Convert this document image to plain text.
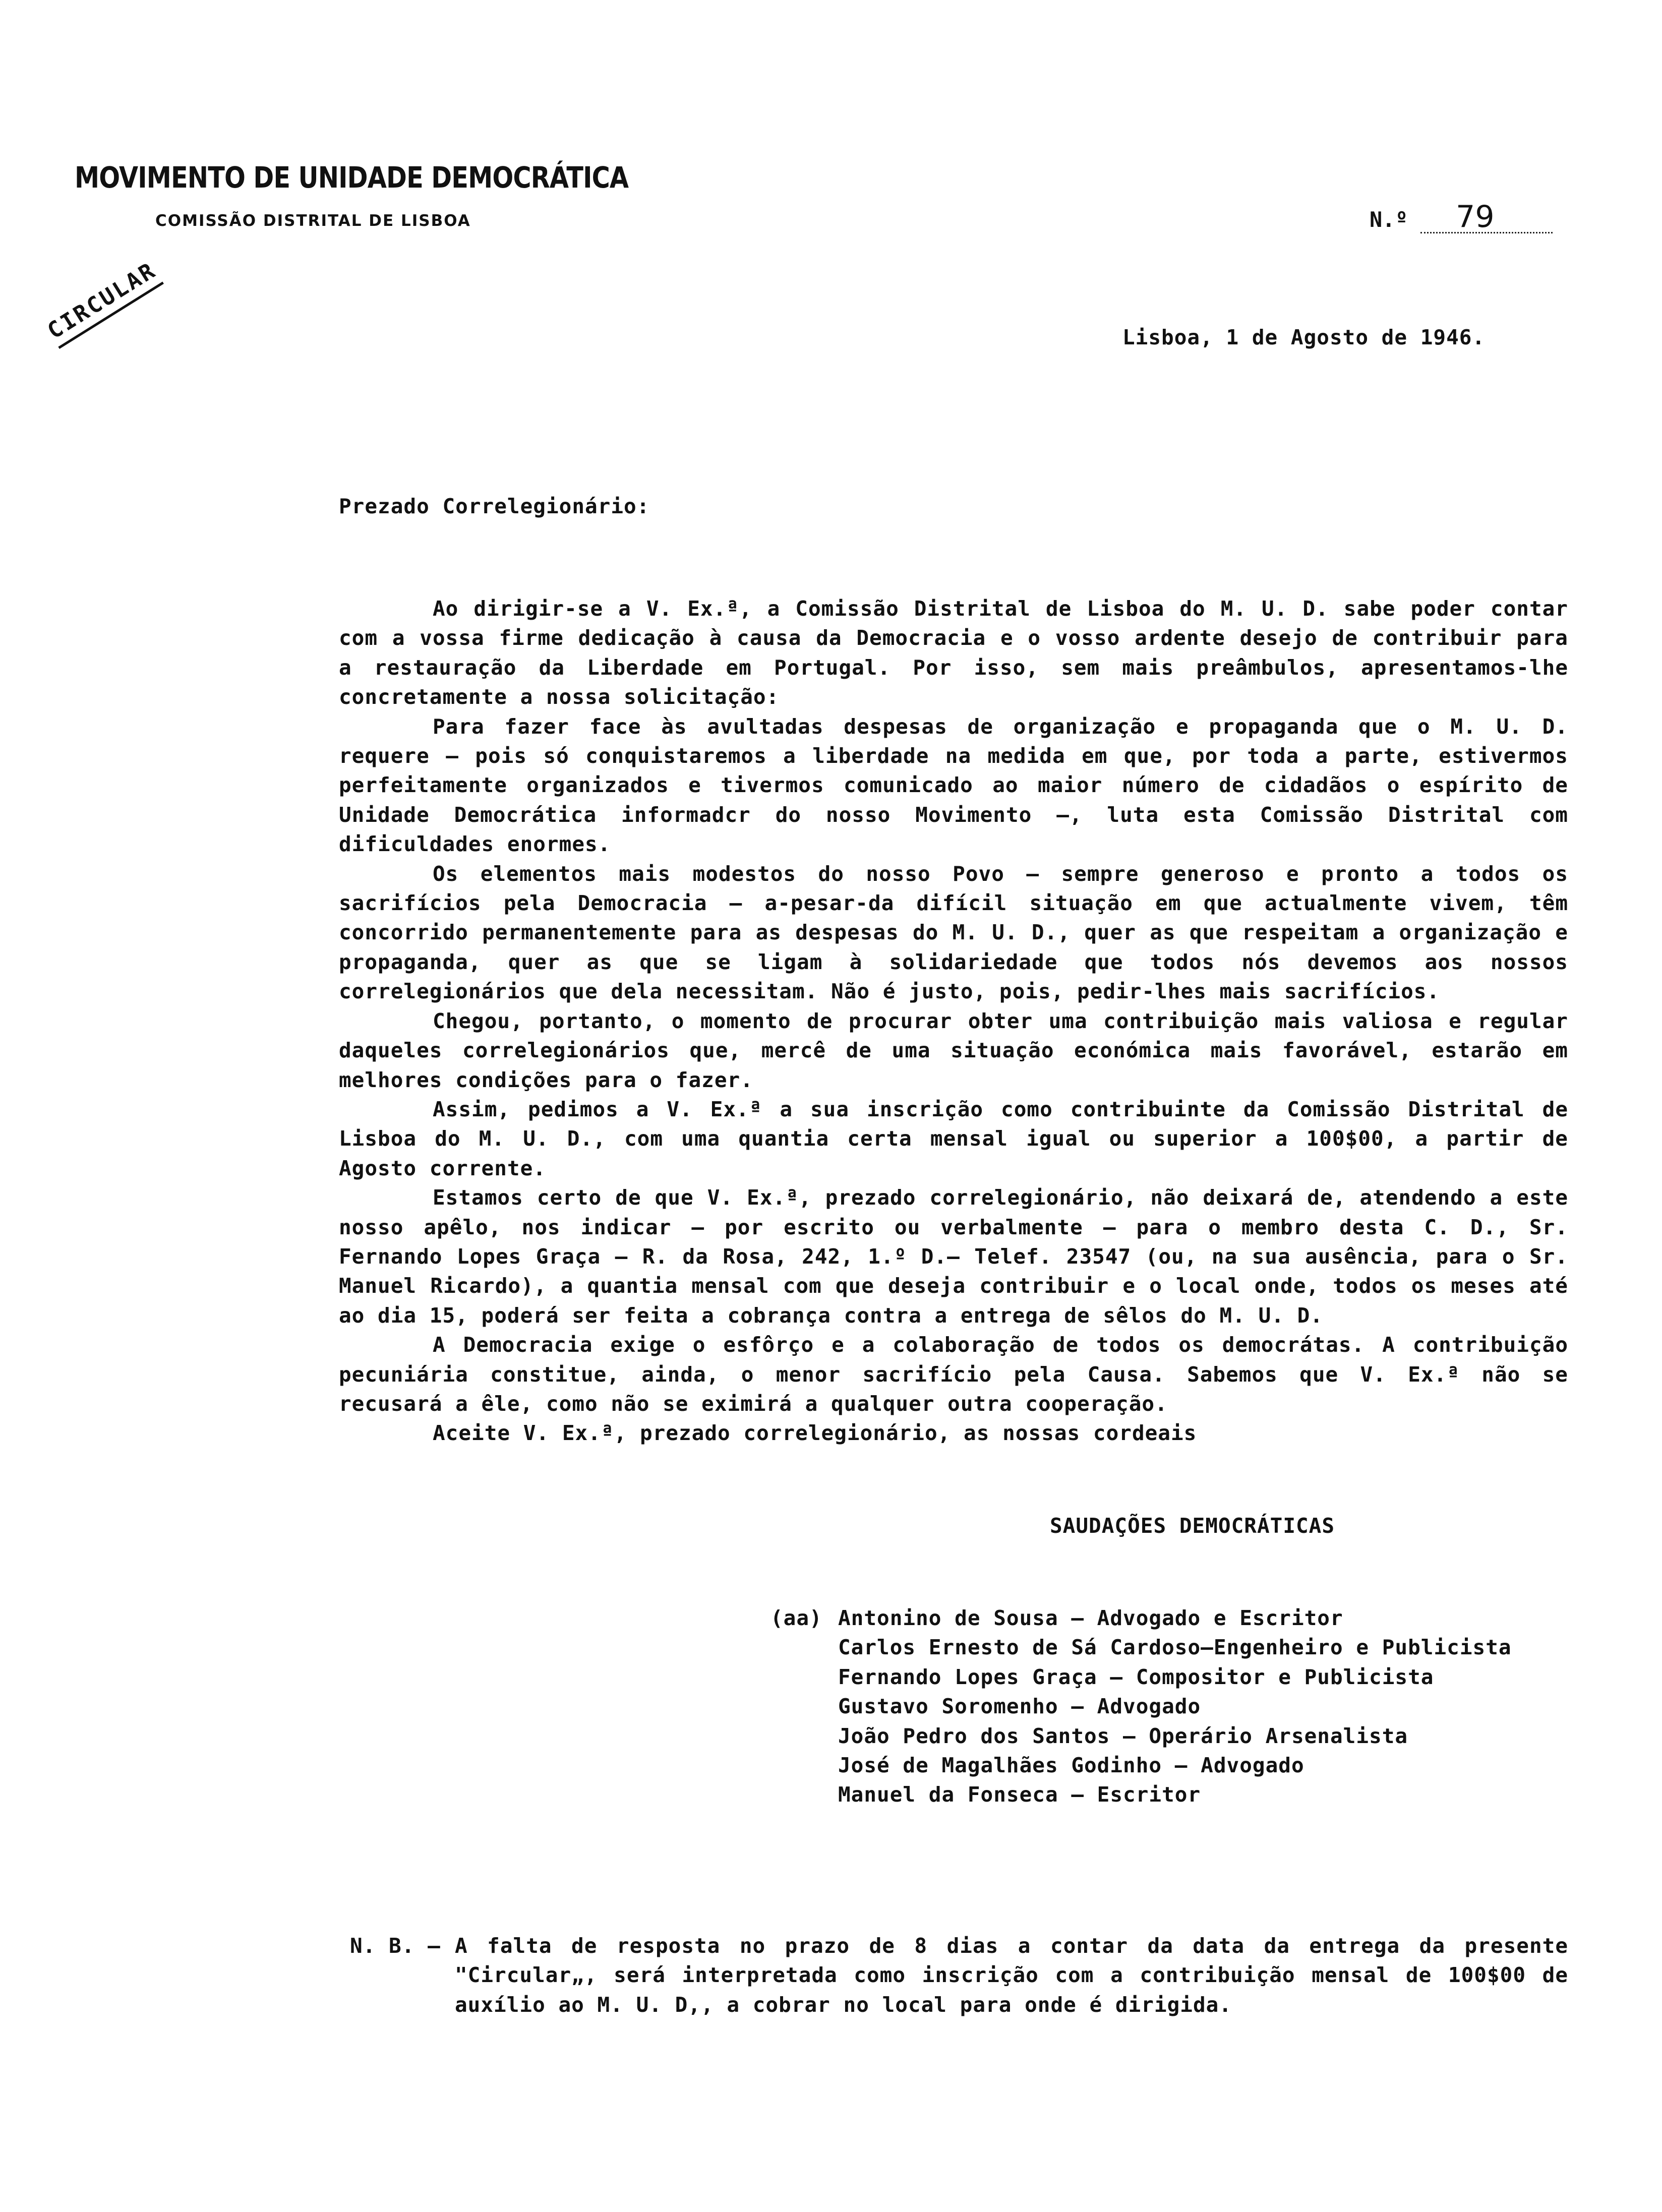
MOVIMENTO DE UNIDADE DEMOCRÁTICA
COMISSÃO DISTRITAL DE LISBOA	N.º 79
CIRCULAR	Lisboa, 1 de Agosto de 1946.
Prezado Correlegionário:

Ao dirigir-se a V. Ex.ª, a Comissão Distrital de Lisboa do M. U. D. sabe poder contar com a vossa firme dedicação à causa da Democracia e o vosso ardente desejo de contribuir para a restauração da Liberdade em Portugal. Por isso, sem mais preâmbulos, apresentamos-lhe concretamente a nossa solicitação:

Para fazer face às avultadas despesas de organização e propaganda que o M. U. D. requere – pois só conquistaremos a liberdade na medida em que, por toda a parte, estivermos perfeitamente organizados e tivermos comunicado ao maior número de cidadãos o espírito de Unidade Democrática informadcr do nosso Movimento –, luta esta Comissão Distrital com dificuldades enormes.

Os elementos mais modestos do nosso Povo – sempre generoso e pronto a todos os sacrifícios pela Democracia – a-pesar-da difícil situação em que actualmente vivem, têm concorrido permanentemente para as despesas do M. U. D., quer as que respeitam a organização e propaganda, quer as que se ligam à solidariedade que todos nós devemos aos nossos correlegionários que dela necessitam. Não é justo, pois, pedir-lhes mais sacrifícios.

Chegou, portanto, o momento de procurar obter uma contribuição mais valiosa e regular daqueles correlegionários que, mercê de uma situação económica mais favorável, estarão em melhores condições para o fazer.

Assim, pedimos a V. Ex.ª a sua inscrição como contribuinte da Comissão Distrital de Lisboa do M. U. D., com uma quantia certa mensal igual ou superior a 100$00, a partir de Agosto corrente.

Estamos certo de que V. Ex.ª, prezado correlegionário, não deixará de, atendendo a este nosso apêlo, nos indicar – por escrito ou verbalmente – para o membro desta C. D., Sr. Fernando Lopes Graça – R. da Rosa, 242, 1.º D.– Telef. 23547 (ou, na sua ausência, para o Sr. Manuel Ricardo), a quantia mensal com que deseja contribuir e o local onde, todos os meses até ao dia 15, poderá ser feita a cobrança contra a entrega de sêlos do M. U. D.

A Democracia exige o esfôrço e a colaboração de todos os democrátas. A contribuição pecuniária constitue, ainda, o menor sacrifício pela Causa. Sabemos que V. Ex.ª não se recusará a êle, como não se eximirá a qualquer outra cooperação.

Aceite V. Ex.ª, prezado correlegionário, as nossas cordeais

SAUDAÇÕES DEMOCRÁTICAS
(aa) Antonino de Sousa – Advogado e Escritor
Carlos Ernesto de Sá Cardoso–Engenheiro e Publicista
Fernando Lopes Graça – Compositor e Publicista
Gustavo Soromenho – Advogado
João Pedro dos Santos – Operário Arsenalista
José de Magalhães Godinho – Advogado
Manuel da Fonseca – Escritor
N. B. – A falta de resposta no prazo de 8 dias a contar da data da entrega da presente "Circular„, será interpretada como inscrição com a contribuição mensal de 100$00 de auxílio ao M. U. D,, a cobrar no local para onde é dirigida.
